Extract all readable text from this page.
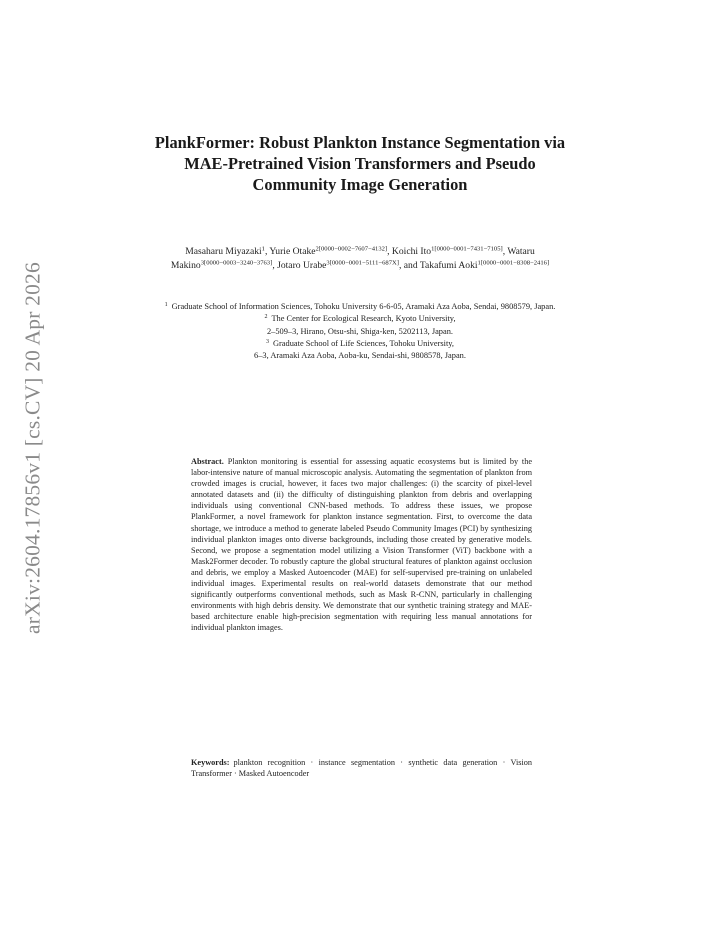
arXiv:2604.17856v1 [cs.CV] 20 Apr 2026
PlankFormer: Robust Plankton Instance Segmentation via MAE-Pretrained Vision Transformers and Pseudo Community Image Generation
Masaharu Miyazaki$^1$, Yurie Otake$^{2[0000-0002-7607-4132]}$, Koichi Ito$^{1[0000-0001-7431-7105]}$, Wataru Makino$^{3[0000-0003-3240-3763]}$, Jotaro Urabe$^{3[0000-0001-5111-687X]}$, and Takafumi Aoki$^{1[0000-0001-8308-2416]}$

$^1$ Graduate School of Information Sciences, Tohoku University 6-6-05, Aramaki Aza Aoba, Sendai, 9808579, Japan.

$^2$ The Center for Ecological Research, Kyoto University,

2–509–3, Hirano, Otsu-shi, Shiga-ken, 5202113, Japan.

$^3$ Graduate School of Life Sciences, Tohoku University,

6–3, Aramaki Aza Aoba, Aoba-ku, Sendai-shi, 9808578, Japan.

Abstract. Plankton monitoring is essential for assessing aquatic ecosystems but is limited by the labor-intensive nature of manual microscopic analysis. Automating the segmentation of plankton from crowded images is crucial, however, it faces two major challenges: (i) the scarcity of pixel-level annotated datasets and (ii) the difficulty of distinguishing plankton from debris and overlapping individuals using conventional CNN-based methods. To address these issues, we propose PlankFormer, a novel framework for plankton instance segmentation. First, to overcome the data shortage, we introduce a method to generate labeled Pseudo Community Images (PCI) by synthesizing individual plankton images onto diverse backgrounds, including those created by generative models. Second, we propose a segmentation model utilizing a Vision Transformer (ViT) backbone with a Mask2Former decoder. To robustly capture the global structural features of plankton against occlusion and debris, we employ a Masked Autoencoder (MAE) for self-supervised pre-training on unlabeled individual images. Experimental results on real-world datasets demonstrate that our method significantly outperforms conventional methods, such as Mask R-CNN, particularly in challenging environments with high debris density. We demonstrate that our synthetic training strategy and MAE-based architecture enable high-precision segmentation with requiring less manual annotations for individual plankton images.
Keywords: plankton recognition · instance segmentation · synthetic data generation · Vision Transformer · Masked Autoencoder
